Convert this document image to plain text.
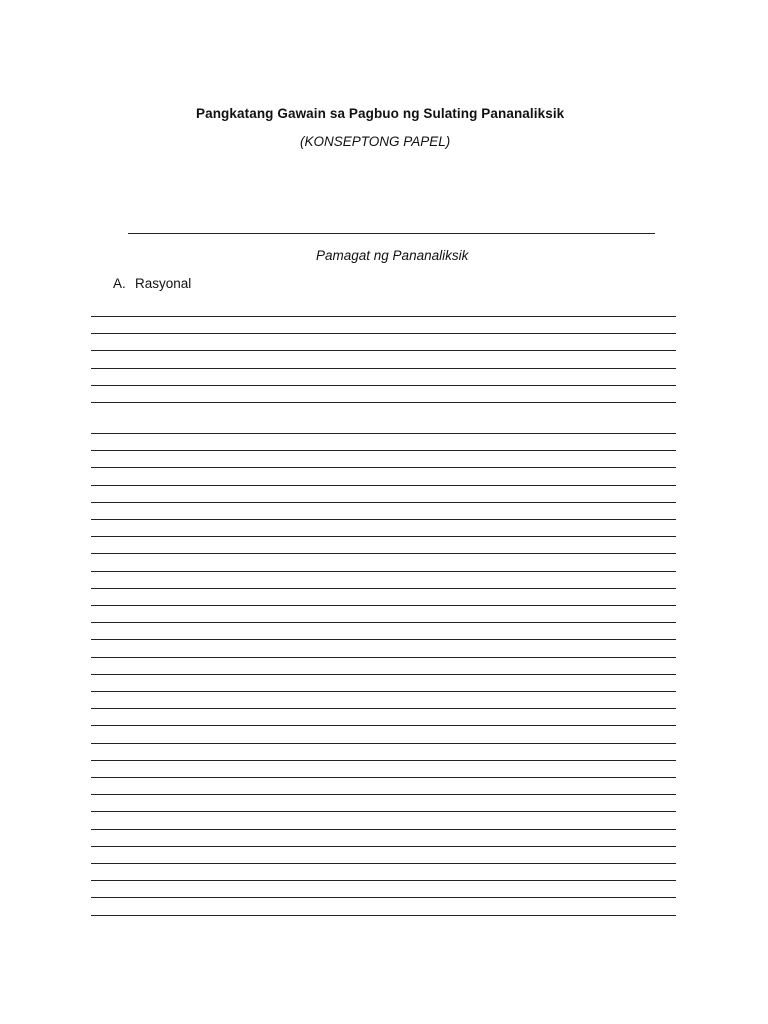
Pangkatang Gawain sa Pagbuo ng Sulating Pananaliksik
(KONSEPTONG PAPEL)
Pamagat ng Pananaliksik
A. Rasyonal
